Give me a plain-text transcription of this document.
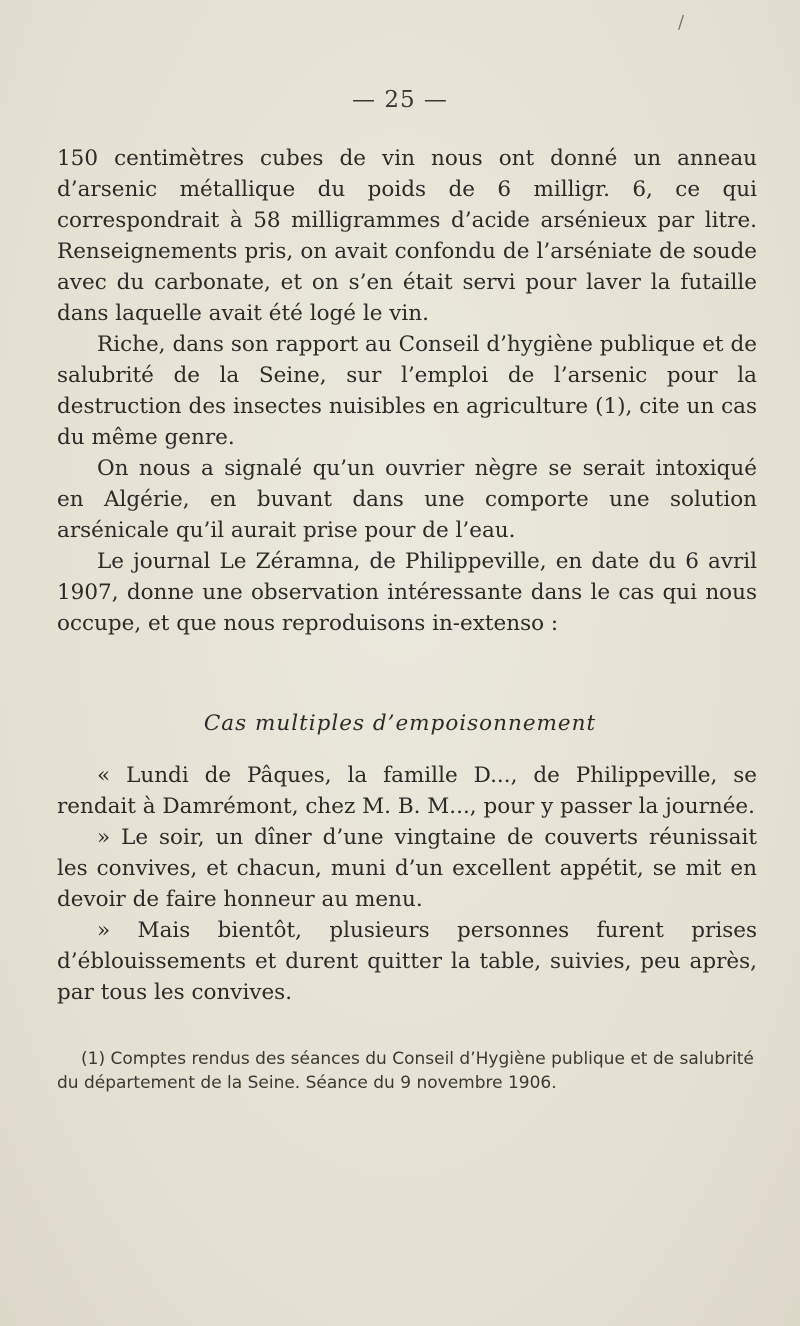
/
— 25 —

150 centimètres cubes de vin nous ont donné un anneau d’arsenic métallique du poids de 6 milligr. 6, ce qui correspondrait à 58 milligrammes d’acide arsénieux par litre. Renseignements pris, on avait confondu de l’arséniate de soude avec du carbonate, et on s’en était servi pour laver la futaille dans laquelle avait été logé le vin.

Riche, dans son rapport au Conseil d’hygiène publique et de salubrité de la Seine, sur l’emploi de l’arsenic pour la destruction des insectes nuisibles en agriculture (1), cite un cas du même genre.

On nous a signalé qu’un ouvrier nègre se serait intoxiqué en Algérie, en buvant dans une comporte une solution arsénicale qu’il aurait prise pour de l’eau.

Le journal Le Zéramna, de Philippeville, en date du 6 avril 1907, donne une observation intéressante dans le cas qui nous occupe, et que nous reproduisons in-extenso :

Cas multiples d’empoisonnement

« Lundi de Pâques, la famille D..., de Philippeville, se rendait à Damrémont, chez M. B. M..., pour y passer la journée.

» Le soir, un dîner d’une vingtaine de couverts réunissait les convives, et chacun, muni d’un excellent appétit, se mit en devoir de faire honneur au menu.

» Mais bientôt, plusieurs personnes furent prises d’éblouissements et durent quitter la table, suivies, peu après, par tous les convives.

(1) Comptes rendus des séances du Conseil d’Hygiène publique et de salubrité du département de la Seine. Séance du 9 novembre 1906.
